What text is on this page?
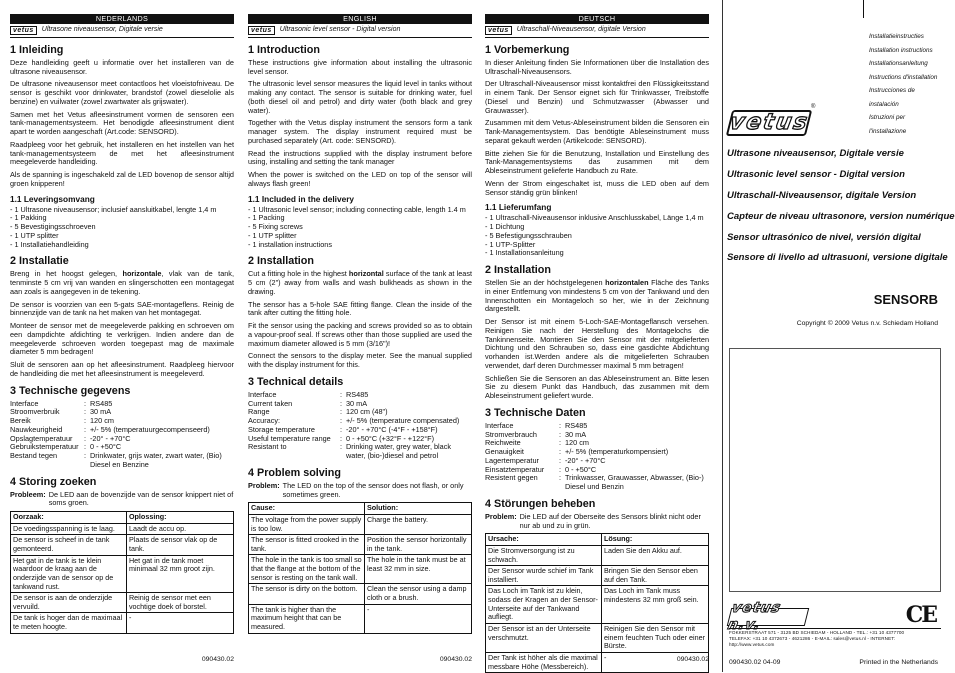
NEDERLANDS
vetus	Ultrasone niveausensor, Digitale versie
1 Inleiding

Deze handleiding geeft u informatie over het installeren van de ultrasone niveausensor.

De ultrasone niveausensor meet contactloos het vloeistofniveau. De sensor is geschikt voor drinkwater, brandstof (zowel dieselolie als benzine) en vuilwater (zowel zwartwater als grijswater).

Samen met het Vetus afleesinstrument vormen de sensoren een tank-managementsysteem. Het benodigde afleesinstrument dient apart te worden aangeschaft (Art.code: SENSORD).

Raadpleeg voor het gebruik, het installeren en het instellen van het tank-managementsysteem de met het afleesinstrument meegeleverde handleiding.

Als de spanning is ingeschakeld zal de LED bovenop de sensor altijd groen knipperen!

1.1 Leveringsomvang
- 1 Ultrasone niveausensor; inclusief aansluitkabel, lengte 1,4 m
- 1 Pakking
- 5 Bevestigingsschroeven
- 1 UTP splitter
- 1 Installatiehandleiding
2 Installatie

Breng in het hoogst gelegen, horizontale, vlak van de tank, tenminste 5 cm vrij van wanden en slingerschotten een montagegat aan zoals is aangegeven in de tekening.

De sensor is voorzien van een 5-gats SAE-montageflens. Reinig de binnenzijde van de tank na het maken van het montagegat.

Monteer de sensor met de meegeleverde pakking en schroeven om een dampdichte afdichting te verkrijgen. Indien andere dan de meegeleverde schroeven worden toegepast mag de maximale diameter 5 mm bedragen!

Sluit de sensoren aan op het afleesinstrument. Raadpleeg hiervoor de handleiding die met het afleesinstrument is meegeleverd.

3 Technische gegevens
Interface	:	RS485
Stroomverbruik	:	30 mA
Bereik	:	120 cm
Nauwkeurigheid	:	+/- 5% (temperatuurgecompenseerd)
Opslagtemperatuur	:	-20° - +70°C
Gebruikstemperatuur	:	0 - +50°C
Bestand tegen	:	Drinkwater, grijs water, zwart water, (Bio) Diesel en Benzine
4 Storing zoeken
Probleem: De LED aan de bovenzijde van de sensor knippert niet of soms groen.
Oorzaak:	Oplossing:
De voedingsspanning is te laag.	Laadt de accu op.
De sensor is scheef in de tank gemonteerd.	Plaats de sensor vlak op de tank.
Het gat in de tank is te klein waardoor de kraag aan de onderzijde van de sensor op de tankwand rust.	Het gat in de tank moet minimaal 32 mm groot zijn.
De sensor is aan de onderzijde vervuild.	Reinig de sensor met een vochtige doek of borstel.
De tank is hoger dan de maximaal te meten hoogte.	-
090430.02
ENGLISH
vetus	Ultrasonic level sensor - Digital version
1 Introduction

These instructions give information about installing the ultrasonic level sensor.

The ultrasonic level sensor measures the liquid level in tanks without making any contact. The sensor is suitable for drinking water, fuel (both diesel oil and petrol) and dirty water (both black and grey water).

Together with the Vetus display instrument the sensors form a tank manager system. The display instrument required must be purchased separately (Art. code: SENSORD).

Read the instructions supplied with the display instrument before using, installing and setting the tank manager

When the power is switched on the LED on top of the sensor will always flash green!

1.1 Included in the delivery
- 1 Ultrasonic level sensor; including connecting cable, length 1.4 m
- 1 Packing
- 5 Fixing screws
- 1 UTP splitter
- 1 installation instructions
2 Installation

Cut a fitting hole in the highest horizontal surface of the tank at least 5 cm (2") away from walls and wash bulkheads as shown in the drawing.

The sensor has a 5-hole SAE fitting flange. Clean the inside of the tank after cutting the fitting hole.

Fit the sensor using the packing and screws provided so as to obtain a vapour-proof seal. If screws other than those supplied are used the maximum diameter allowed is 5 mm (3/16")!

Connect the sensors to the display meter. See the manual supplied with the display instrument for this.

3 Technical details
Interface	:	RS485
Current taken	:	30 mA
Range	:	120 cm (48")
Accuracy:	:	+/- 5% (temperature compensated)
Storage temperature	:	-20° - +70°C (-4°F - +158°F)
Useful temperature range	:	0 - +50°C (+32°F - +122°F)
Resistant to	:	Drinking water, grey water, black water, (bio-)diesel and petrol
4 Problem solving
Problem: The LED on the top of the sensor does not flash, or only sometimes green.
Cause:	Solution:
The voltage from the power supply is too low.	Charge the battery.
The sensor is fitted crooked in the tank.	Position the sensor horizontally in the tank.
The hole in the tank is too small so that the flange at the bottom of the sensor is resting on the tank wall.	The hole in the tank must be at least 32 mm in size.
The sensor is dirty on the bottom.	Clean the sensor using a damp cloth or a brush.
The tank is higher than the maximum height that can be measured.	-
090430.02
DEUTSCH
vetus	Ultraschall-Niveausensor, digitale Version
1 Vorbemerkung

In dieser Anleitung finden Sie Informationen über die Installation des Ultraschall-Niveausensors.

Der Ultraschall-Niveausensor misst kontaktfrei den Flüssigkeitsstand in einem Tank. Der Sensor eignet sich für Trinkwasser, Treibstoffe (Diesel und Benzin) und Schmutzwasser (Abwasser und Grauwasser).

Zusammen mit dem Vetus-Ableseinstrument bilden die Sensoren ein Tank-Managementsystem. Das benötigte Ableseinstrument muss separat gekauft werden (Artikelcode: SENSORD).

Bitte ziehen Sie für die Benutzung, Installation und Einstellung des Tank-Managementsystems das zusammen mit dem Ableseinstrument gelieferte Handbuch zu Rate.

Wenn der Strom eingeschaltet ist, muss die LED oben auf dem Sensor ständig grün blinken!

1.1 Lieferumfang
- 1 Ultraschall-Niveausensor inklusive Anschlusskabel, Länge 1,4 m
- 1 Dichtung
- 5 Befestigungsschrauben
- 1 UTP-Splitter
- 1 Installationsanleitung
2 Installation

Stellen Sie an der höchstgelegenen horizontalen Fläche des Tanks in einer Entfernung von mindestens 5 cm von der Tankwand und den Innenschotten ein Montageloch so her, wie in der Zeichnung dargestellt.

Der Sensor ist mit einem 5-Loch-SAE-Montageflansch versehen. Reinigen Sie nach der Herstellung des Montagelochs die Tankinnenseite. Montieren Sie den Sensor mit der mitgelieferten Dichtung und den Schrauben so, dass eine gasdichte Abdichtung vorhanden ist.Werden andere als die mitgelieferten Schrauben verwendet, darf deren Durchmesser maximal 5 mm betragen!

Schließen Sie die Sensoren an das Ableseinstrument an. Bitte lesen Sie zu diesem Punkt das Handbuch, das zusammen mit dem Ableseinstrument geliefert wurde.

3 Technische Daten
Interface	:	RS485
Stromverbrauch	:	30 mA
Reichweite	:	120 cm
Genauigkeit	:	+/- 5% (temperaturkompensiert)
Lagertemperatur	:	-20° - +70°C
Einsatztemperatur	:	0 - +50°C
Resistent gegen	:	Trinkwasser, Grauwasser, Abwasser, (Bio-) Diesel und Benzin
4 Störungen beheben
Problem: Die LED auf der Oberseite des Sensors blinkt nicht oder nur ab und zu in grün.
Ursache:	Lösung:
Die Stromversorgung ist zu schwach.	Laden Sie den Akku auf.
Der Sensor wurde schief im Tank installiert.	Bringen Sie den Sensor eben auf den Tank.
Das Loch im Tank ist zu klein, sodass der Kragen an der Sensor-Unterseite auf der Tankwand aufliegt.	Das Loch im Tank muss mindestens 32 mm groß sein.
Der Sensor ist an der Unterseite verschmutzt.	Reinigen Sie den Sensor mit einem feuchten Tuch oder einer Bürste.
Der Tank ist höher als die maximal messbare Höhe (Messbereich).	-	090430.02
Installatieinstructies
Installation instructions
Installationsanleitung
Instructions d'installation
Instrucciones de instalación
Istruzioni per l'installazione
vetus
®
Ultrasone niveausensor, Digitale versie
Ultrasonic level sensor - Digital version
Ultraschall-Niveausensor, digitale Version
Capteur de niveau ultrasonore, version numérique
Sensor ultrasónico de nivel, versión digital
Sensore di livello ad ultrasuoni, versione digitale
SENSORB
Copyright © 2009 Vetus n.v. Schiedam Holland
vetus n.v.	CE
FOKKERSTRAAT 571 - 3125 BD SCHIEDAM - HOLLAND - TEL.: +31 10 4377700
TELEFAX: +31 10 4372673 - 4621286 - E-MAIL: sales@vetus.nl - INTERNET: http://www.vetus.com
090430.02 04-09	Printed in the Netherlands
